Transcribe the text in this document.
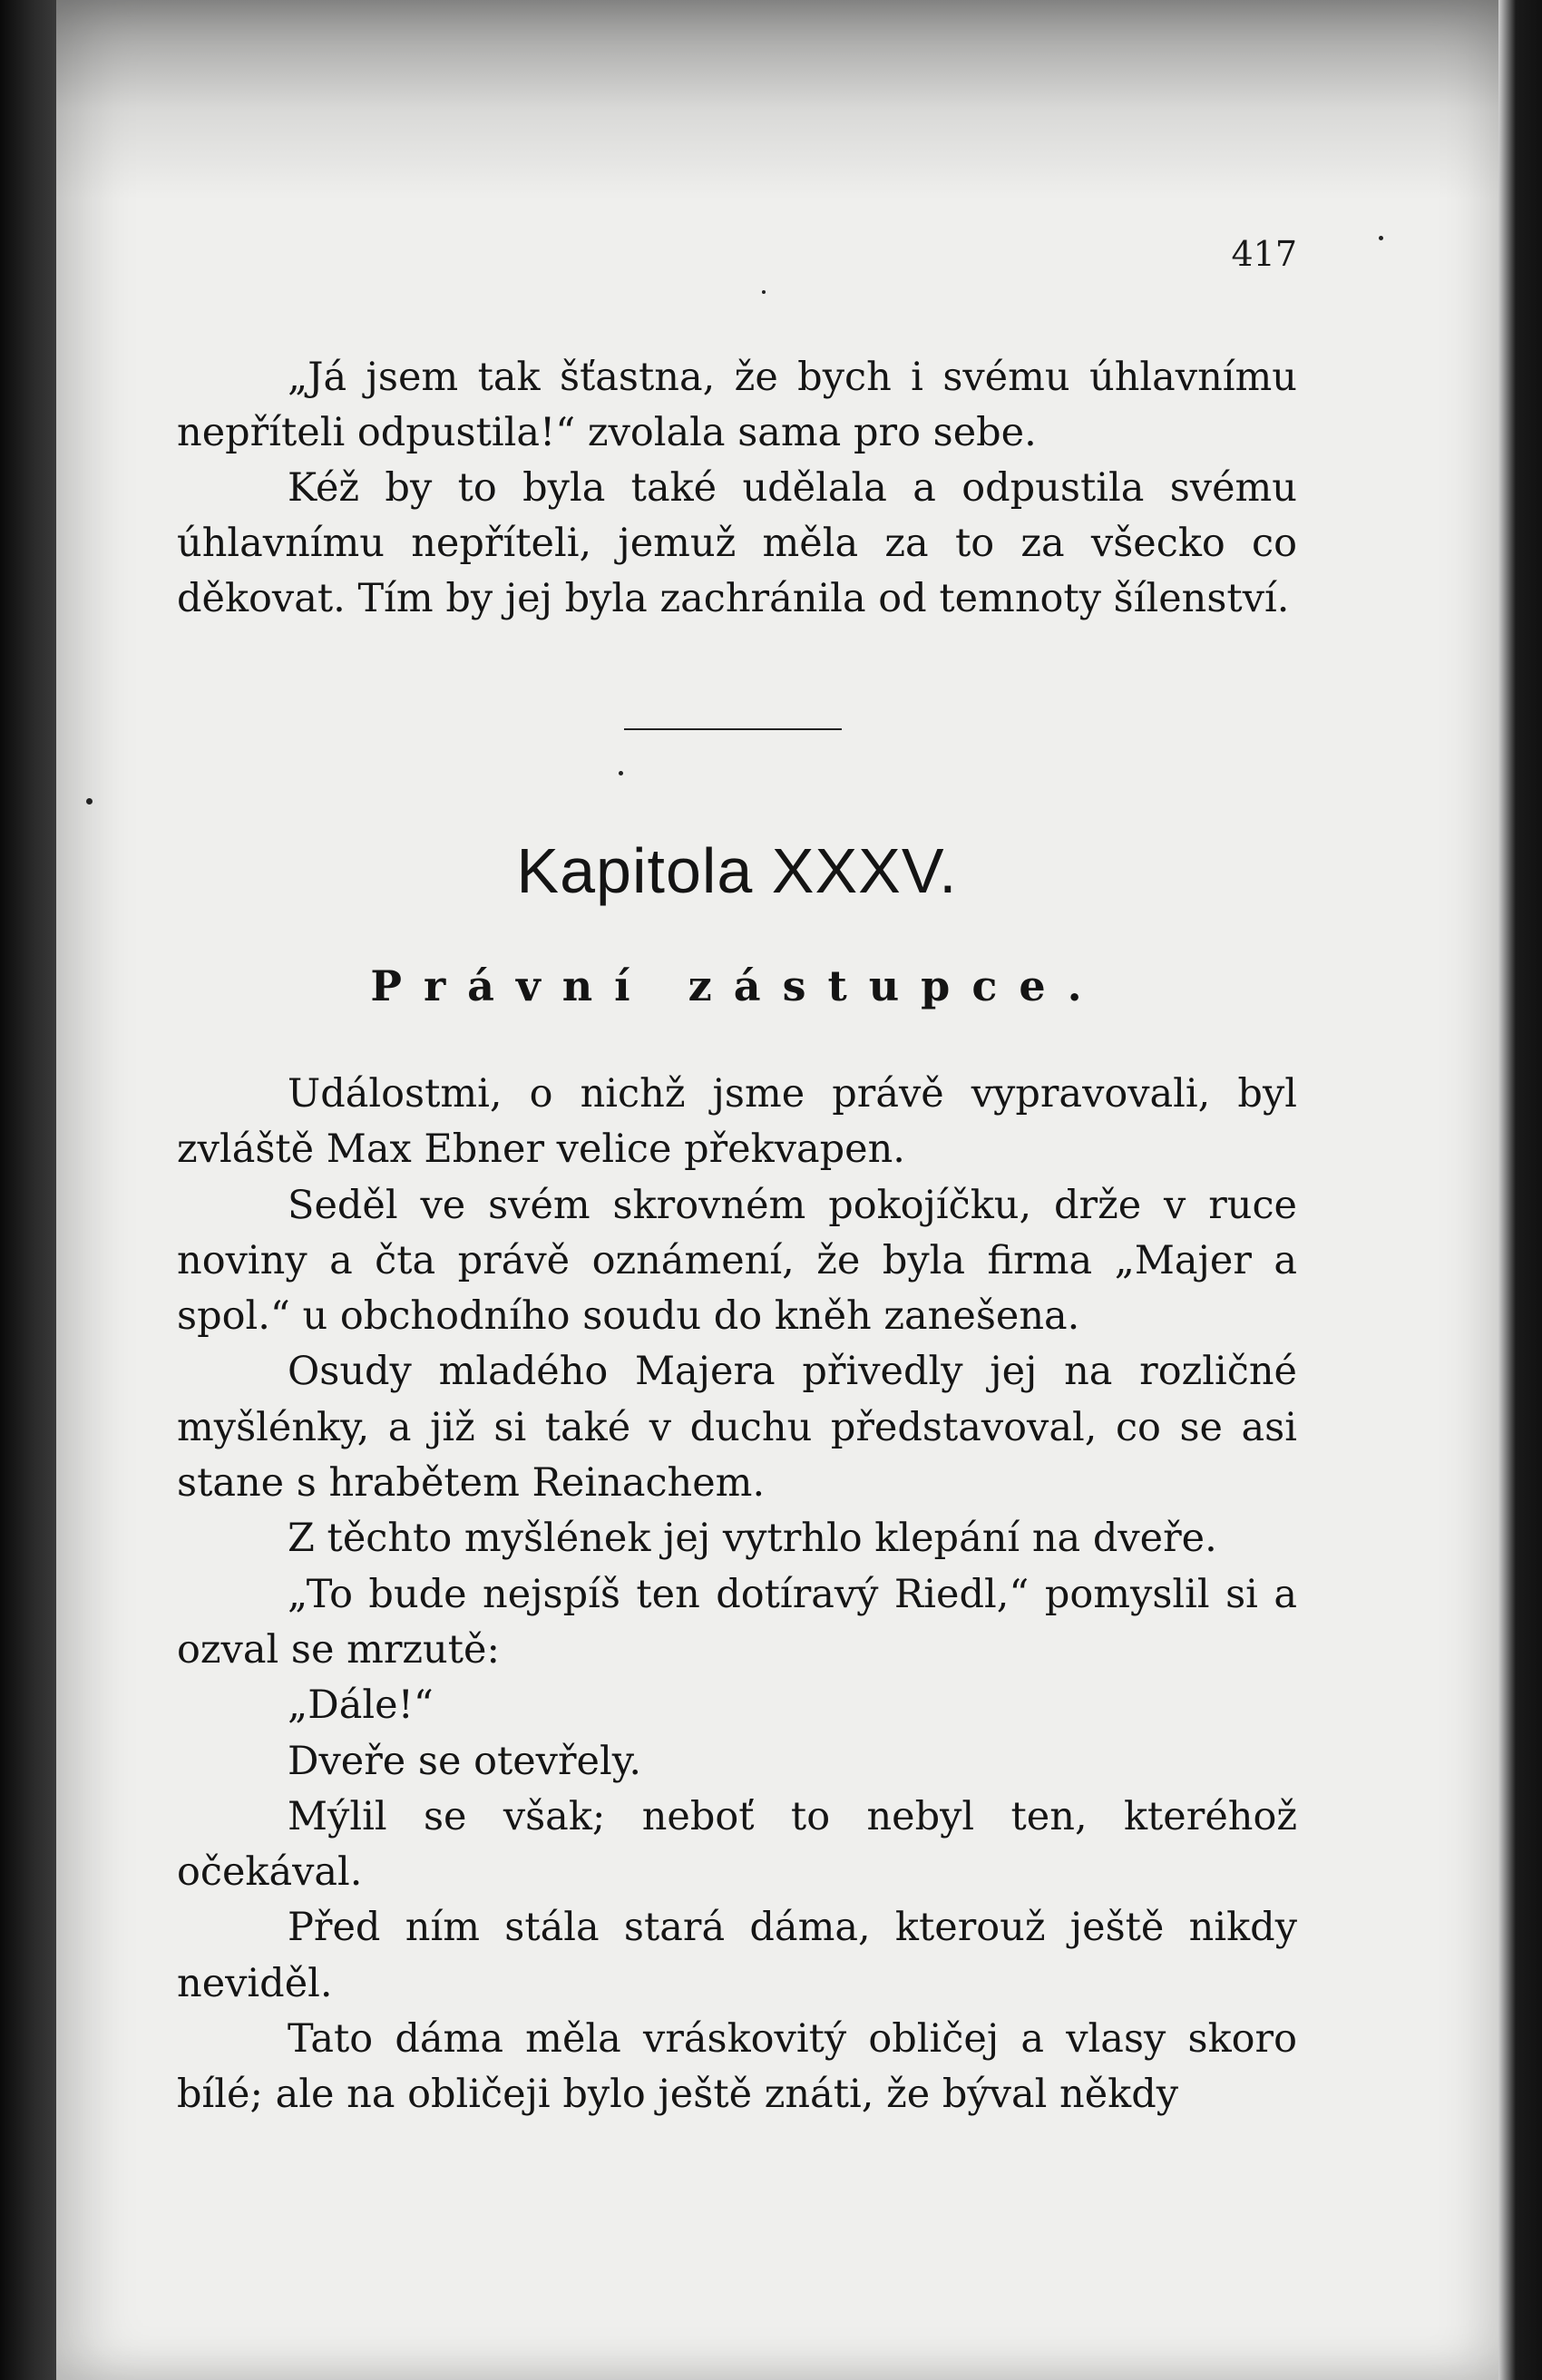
417

„Já jsem tak šťastna, že bych i svému úhlavnímu nepříteli odpustila!“ zvolala sama pro sebe.

Kéž by to byla také udělala a odpustila svému úhlavnímu nepříteli, jemuž měla za to za všecko co děkovat. Tím by jej byla zachránila od temnoty šílenství.

Kapitola XXXV.
Právní zástupce.

Událostmi, o nichž jsme právě vypravovali, byl zvláště Max Ebner velice překvapen.

Seděl ve svém skrovném pokojíčku, drže v ruce noviny a čta právě oznámení, že byla firma „Majer a spol.“ u obchodního soudu do kněh zanešena.

Osudy mladého Majera přivedly jej na rozličné myšlénky, a již si také v duchu představoval, co se asi stane s hrabětem Reinachem.

Z těchto myšlének jej vytrhlo klepání na dveře.

„To bude nejspíš ten dotíravý Riedl,“ pomyslil si a ozval se mrzutě:

„Dále!“

Dveře se otevřely.

Mýlil se však; neboť to nebyl ten, kteréhož očekával.

Před ním stála stará dáma, kterouž ještě nikdy neviděl.

Tato dáma měla vráskovitý obličej a vlasy skoro bílé; ale na obličeji bylo ještě znáti, že býval někdy
